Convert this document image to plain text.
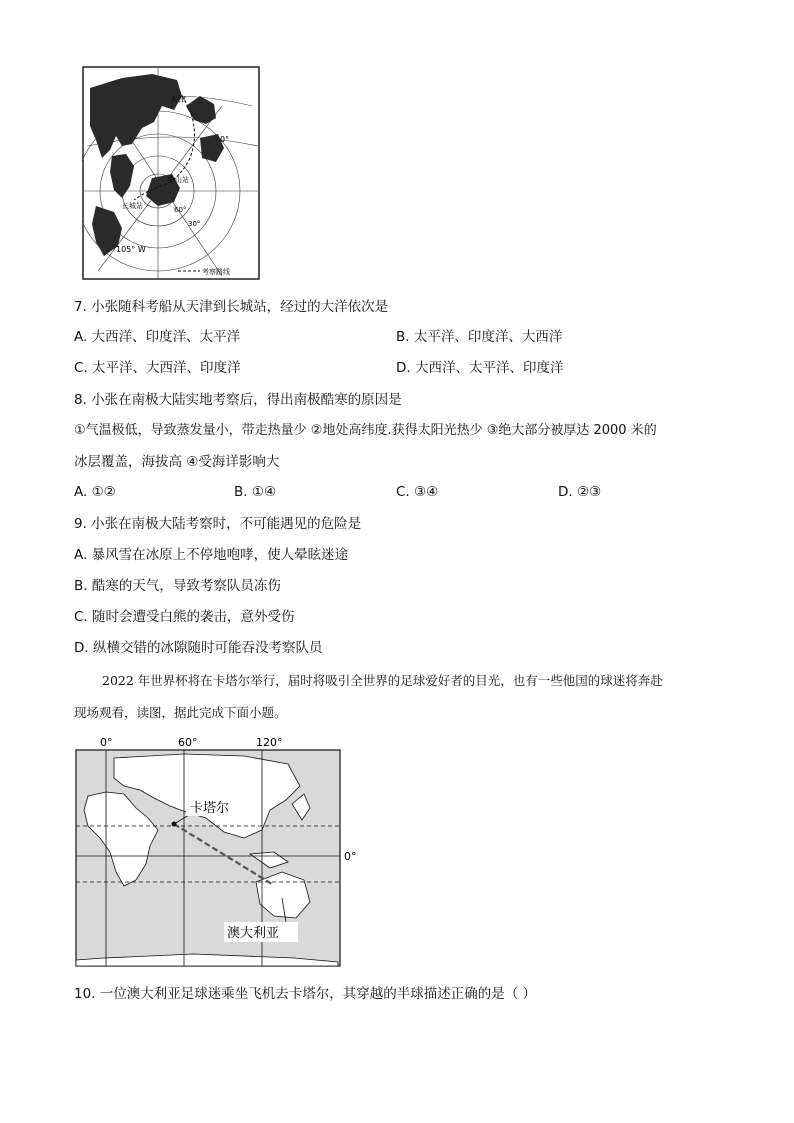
天津
0°
中山站
长城站	60°
30°
105° W
考察路线
7. 小张随科考船从天津到长城站，经过的大洋依次是
A. 大西洋、印度洋、太平洋	B. 太平洋、印度洋、大西洋
C. 太平洋、大西洋、印度洋	D. 大西洋、太平洋、印度洋
8. 小张在南极大陆实地考察后，得出南极酷寒的原因是
①气温极低，导致蒸发量小，带走热量少 ②地处高纬度.获得太阳光热少 ③绝大部分被厚达 2000 米的
冰层覆盖，海拔高 ④受海详影响大
A. ①②	B. ①④	C. ③④	D. ②③
9. 小张在南极大陆考察时，不可能遇见的危险是
A. 暴风雪在冰原上不停地咆哮，使人晕眩迷途
B. 酷寒的天气，导致考察队员冻伤
C. 随时会遭受白熊的袭击，意外受伤
D. 纵横交错的冰隙随时可能吞没考察队员
2022 年世界杯将在卡塔尔举行，届时将吸引全世界的足球爱好者的目光，也有一些他国的球迷将奔赴
现场观看，读图，据此完成下面小题。
0°	60°	120°
卡塔尔
0°
澳大利亚
10. 一位澳大利亚足球迷乘坐飞机去卡塔尔，其穿越的半球描述正确的是（ ）
